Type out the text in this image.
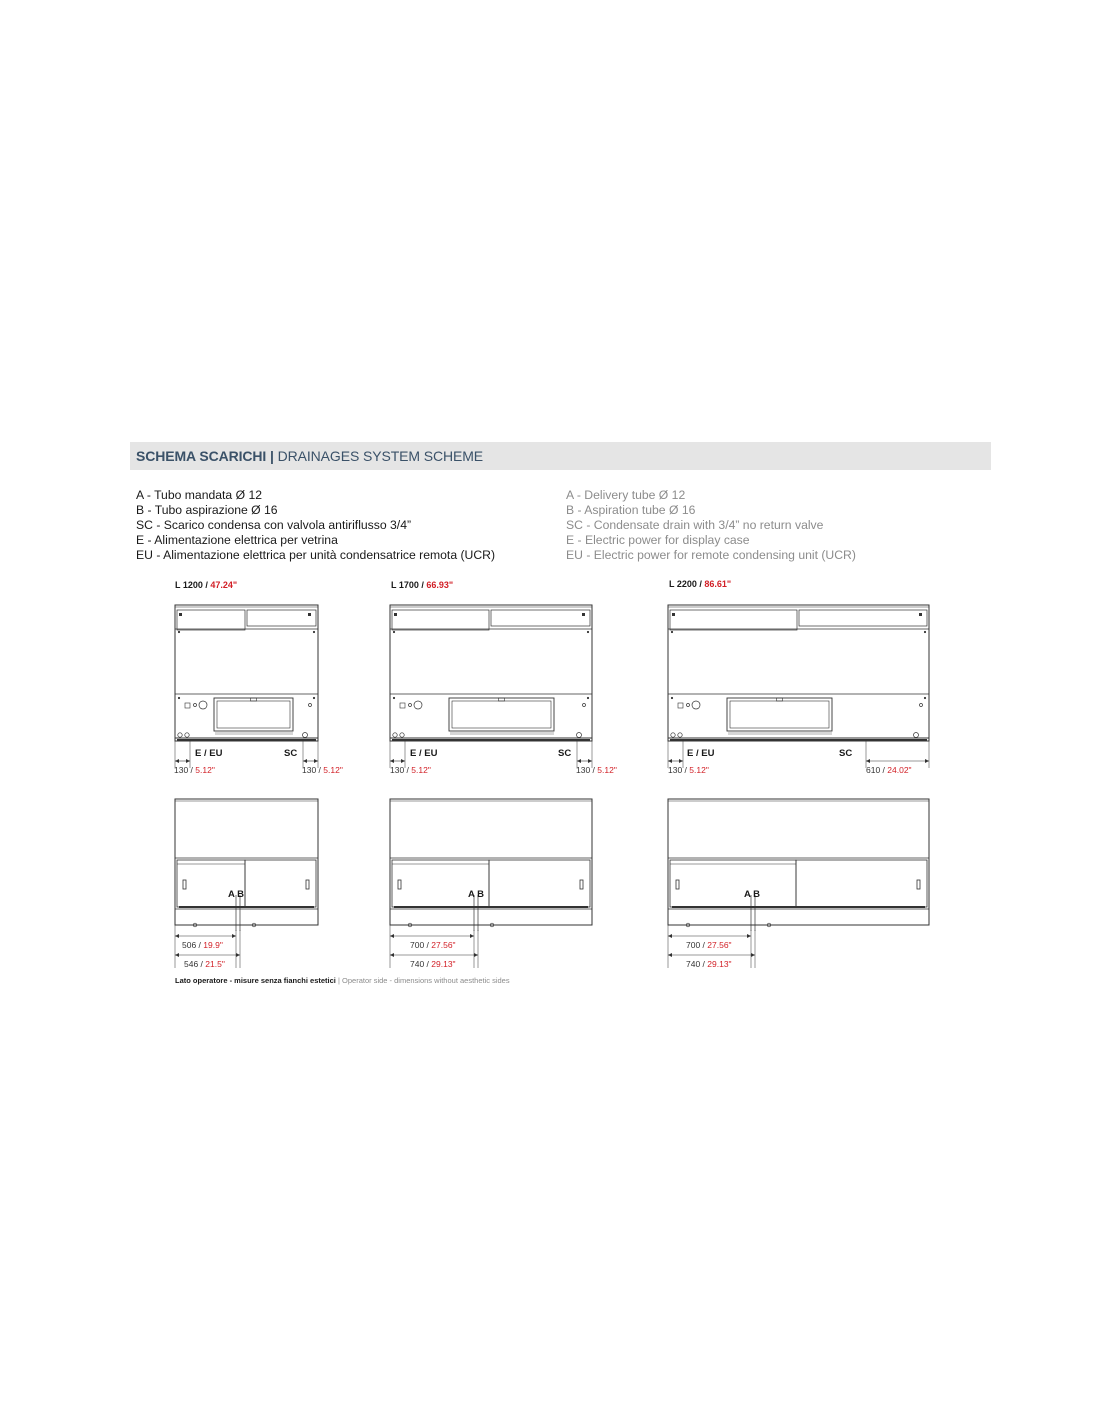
SCHEMA SCARICHI | DRAINAGES SYSTEM SCHEME
A - Tubo mandata Ø 12
B - Tubo aspirazione Ø 16
SC - Scarico condensa con valvola antiriflusso 3/4”
E - Alimentazione elettrica per vetrina
EU - Alimentazione elettrica per unità condensatrice remota (UCR)
A - Delivery tube Ø 12
B - Aspiration tube Ø 16
SC - Condensate drain with 3/4” no return valve
E - Electric power for display case
EU - Electric power for remote condensing unit (UCR)
L 1200 / 47.24"
E / EU	SC
130 / 5.12"	130 / 5.12"
A B
506 / 19.9"
546 / 21.5"
L 1700 / 66.93"
E / EU	SC
130 / 5.12"	130 / 5.12"
A B
700 / 27.56"
740 / 29.13"
L 2200 / 86.61"
E / EU	SC
130 / 5.12"	610 / 24.02"
A B
700 / 27.56"
740 / 29.13"
Lato operatore - misure senza fianchi estetici | Operator side - dimensions without aesthetic sides
